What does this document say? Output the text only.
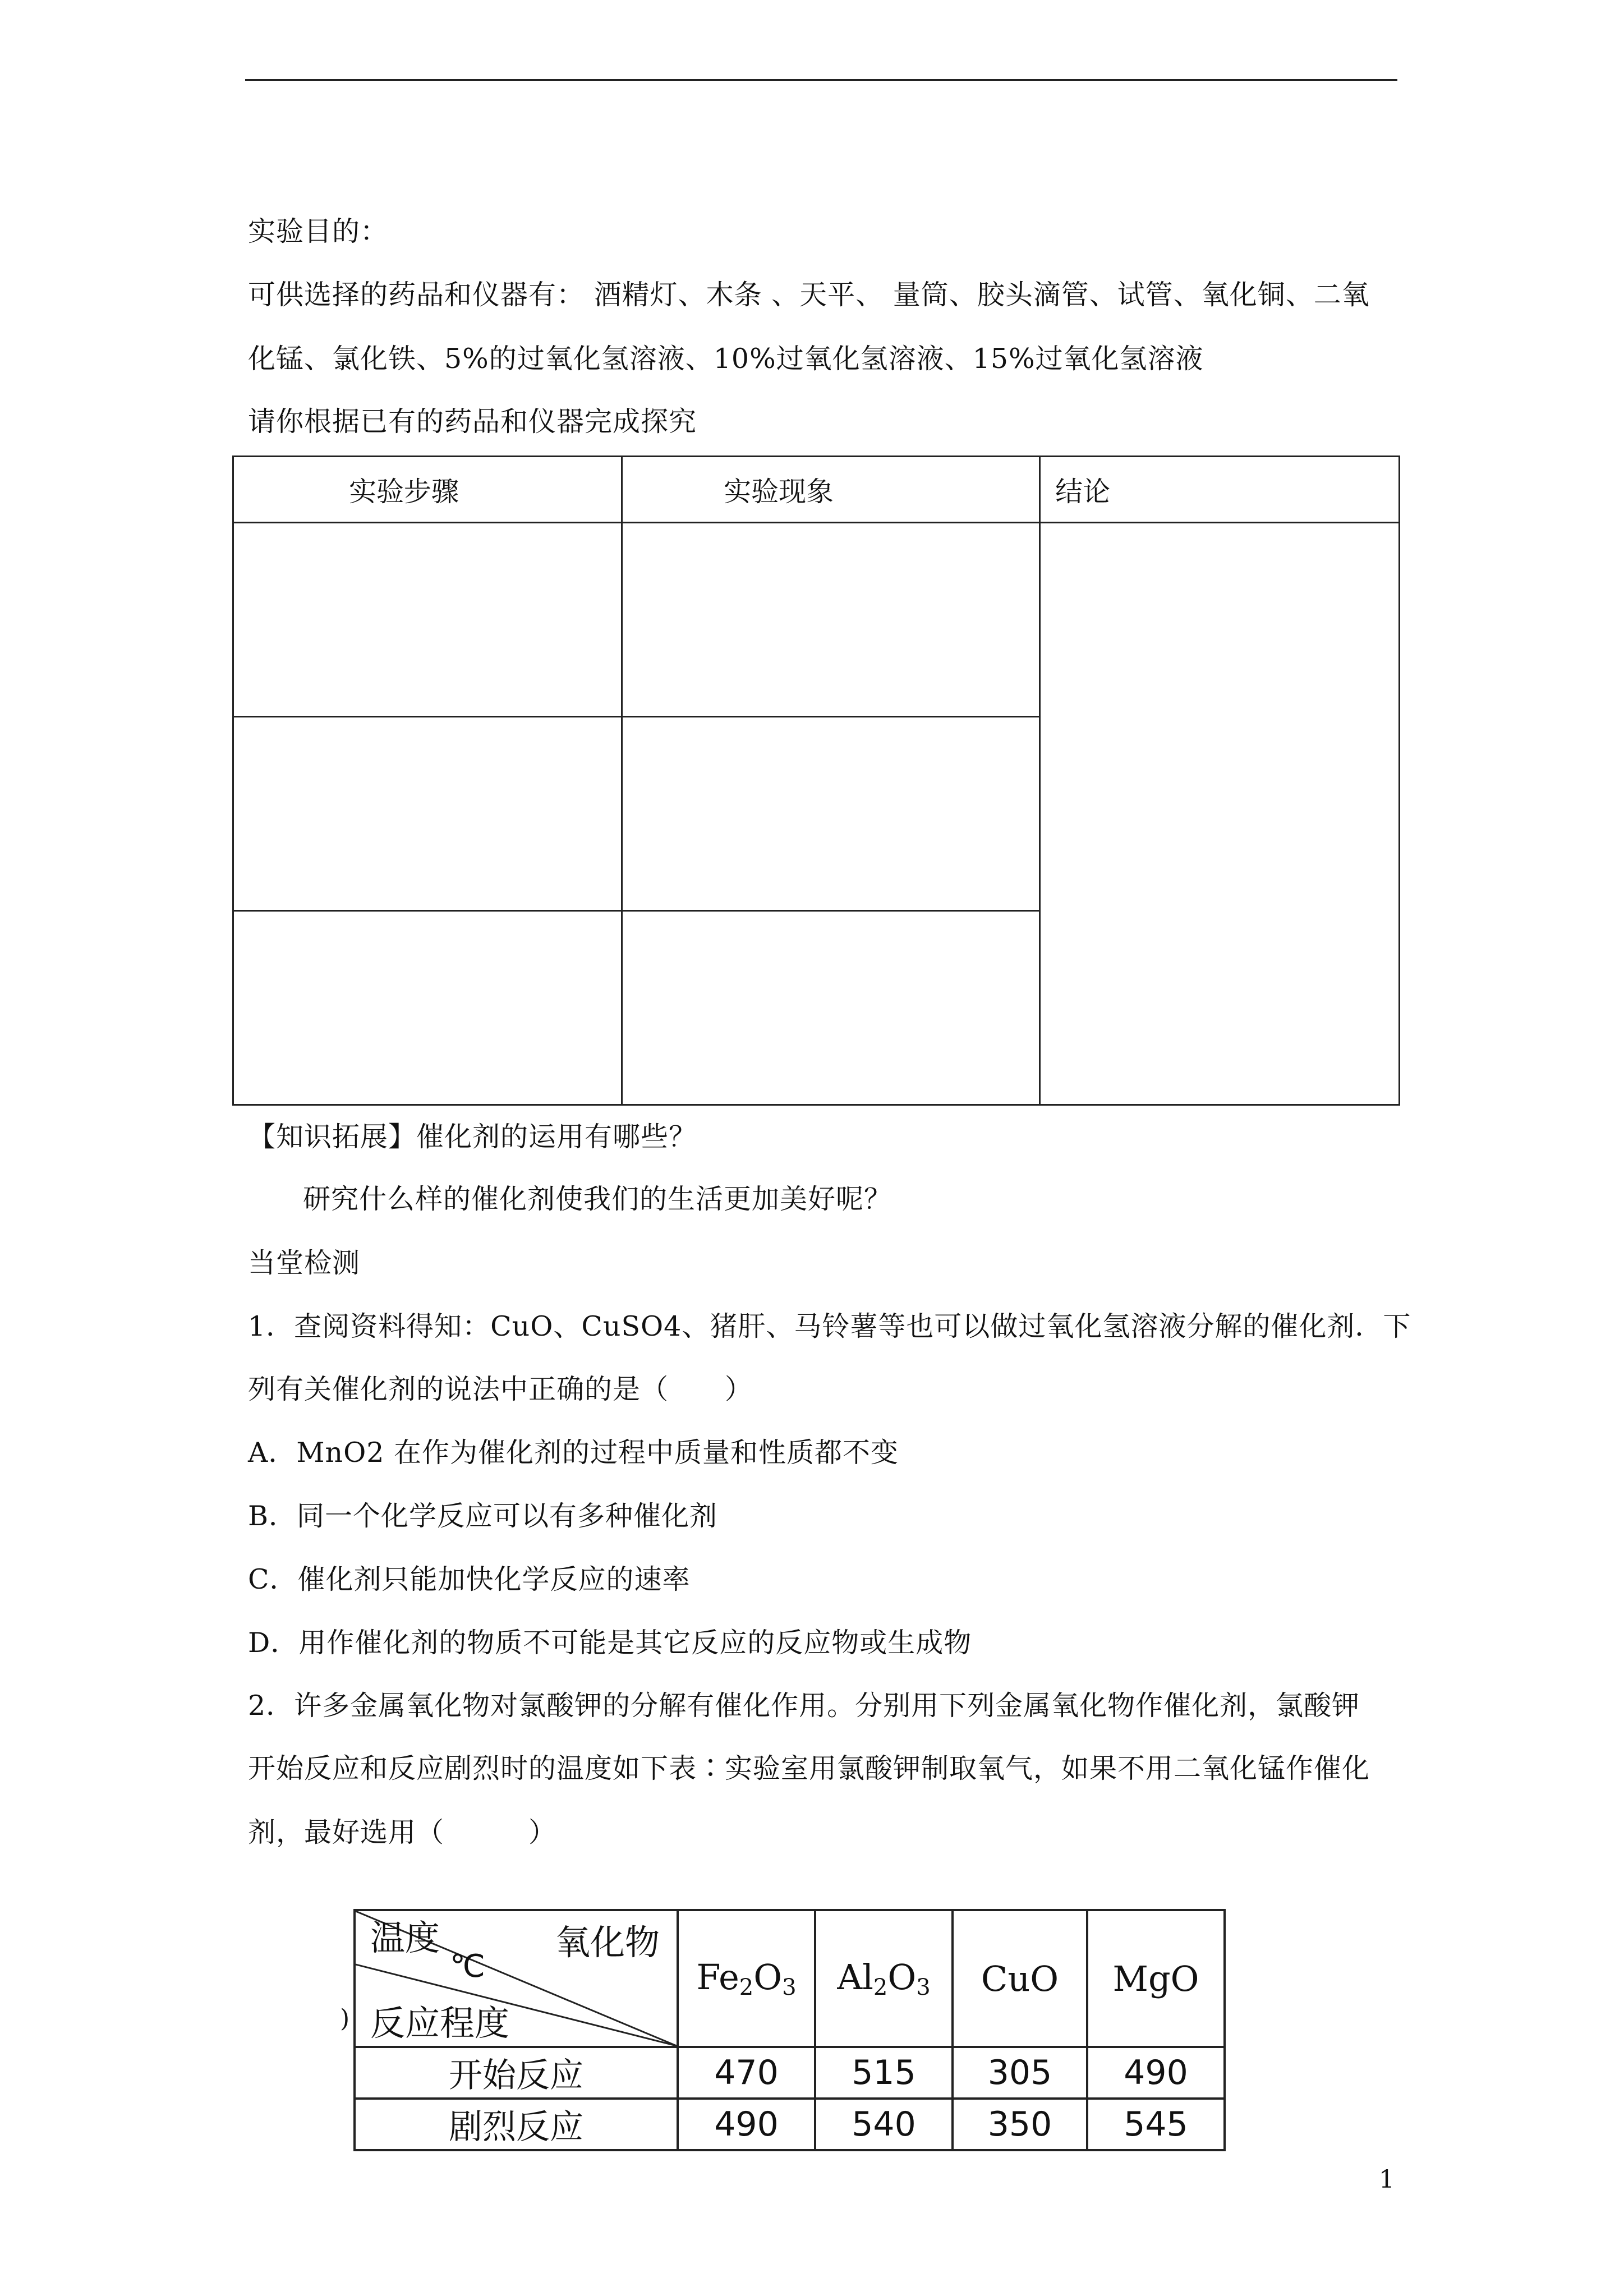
实验目的：
可供选择的药品和仪器有： 酒精灯、木条 、天平、 量筒、胶头滴管、试管、氧化铜、二氧
化锰、氯化铁、5%的过氧化氢溶液、10%过氧化氢溶液、15%过氧化氢溶液
请你根据已有的药品和仪器完成探究
实验步骤	实验现象	结论

【知识拓展】催化剂的运用有哪些？
研究什么样的催化剂使我们的生活更加美好呢？
当堂检测
1．查阅资料得知：CuO、CuSO4、猪肝、马铃薯等也可以做过氧化氢溶液分解的催化剂．下
列有关催化剂的说法中正确的是（　　）
A．MnO2 在作为催化剂的过程中质量和性质都不变
B．同一个化学反应可以有多种催化剂
C．催化剂只能加快化学反应的速率
D．用作催化剂的物质不可能是其它反应的反应物或生成物
2．许多金属氧化物对氯酸钾的分解有催化作用。分别用下列金属氧化物作催化剂，氯酸钾
开始反应和反应剧烈时的温度如下表∶实验室用氯酸钾制取氧气，如果不用二氧化锰作催化
剂，最好选用（　　　）
)
温度
℃
氧化物
反应程度	$Fe_2O_3$	$Al_2O_3$	CuO	MgO
开始反应	470	515	305	490
剧烈反应	490	540	350	545
1
